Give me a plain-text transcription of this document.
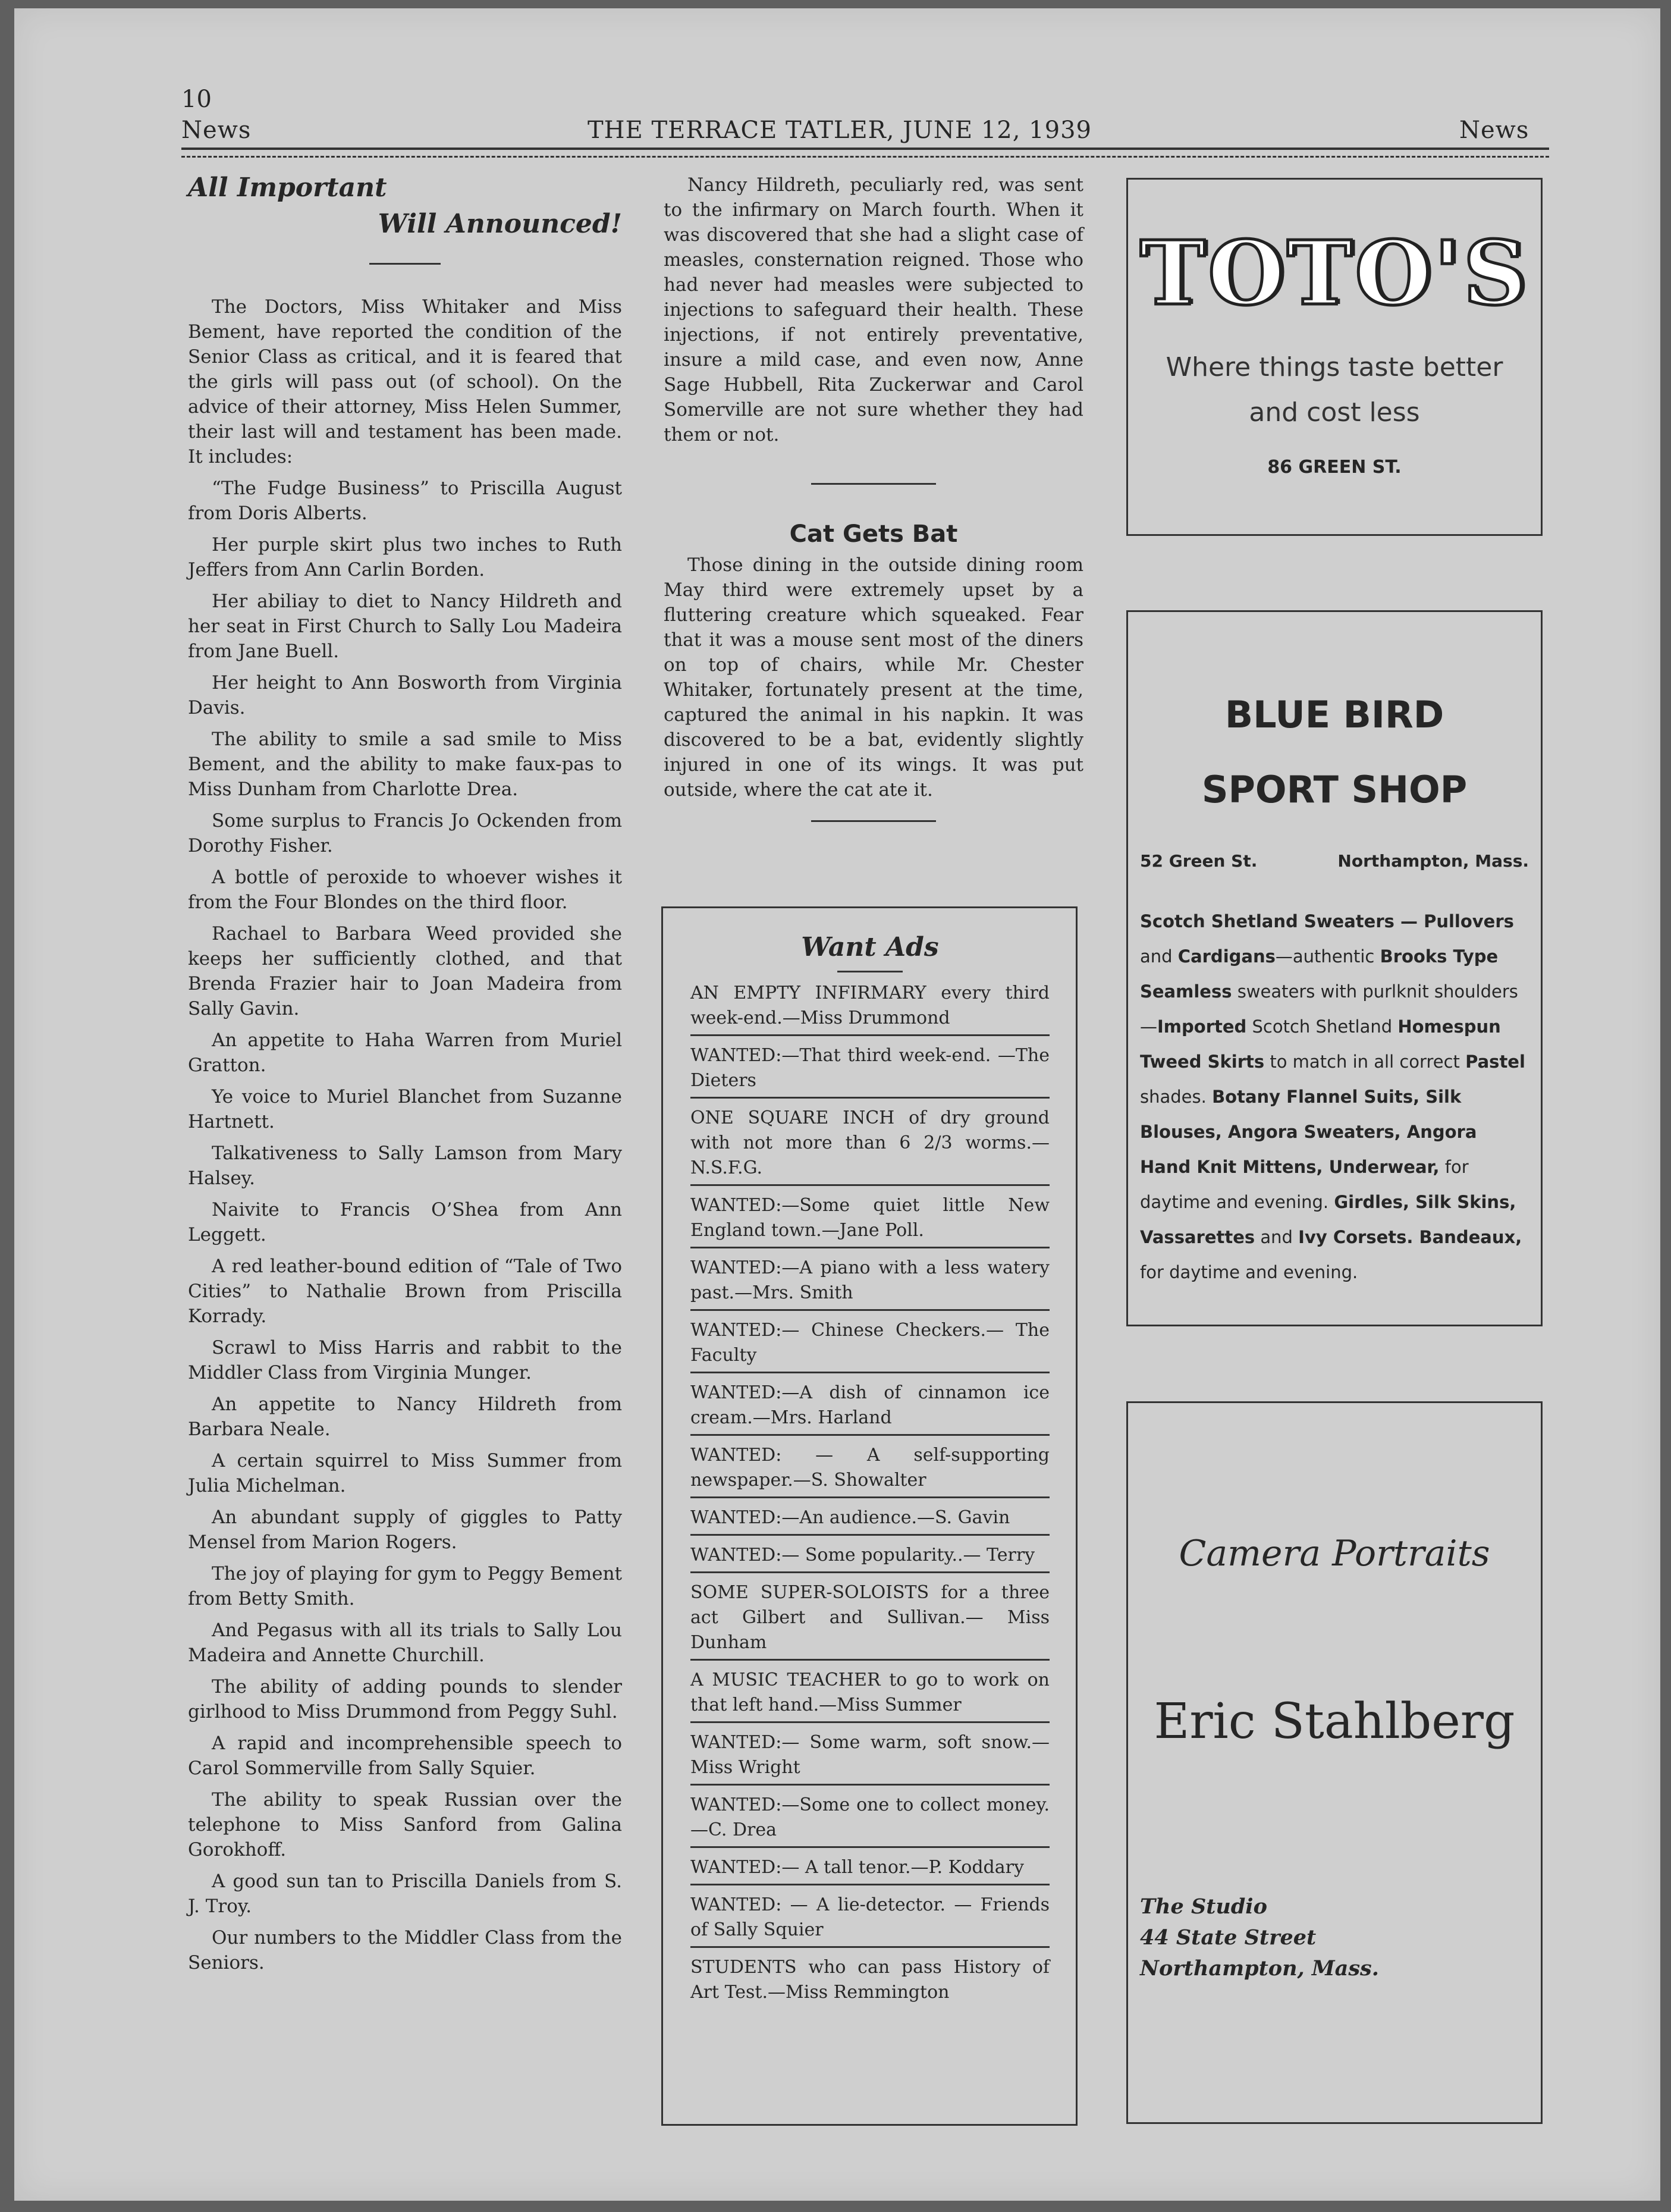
10
News	THE TERRACE TATLER, JUNE 12, 1939	News
All Important
Will Announced!

The Doctors, Miss Whitaker and Miss Bement, have reported the condition of the Senior Class as critical, and it is feared that the girls will pass out (of school). On the advice of their attorney, Miss Helen Summer, their last will and testament has been made. It includes:

“The Fudge Business” to Priscilla August from Doris Alberts.

Her purple skirt plus two inches to Ruth Jeffers from Ann Carlin Borden.

Her abiliay to diet to Nancy Hildreth and her seat in First Church to Sally Lou Madeira from Jane Buell.

Her height to Ann Bosworth from Virginia Davis.

The ability to smile a sad smile to Miss Bement, and the ability to make faux-pas to Miss Dunham from Charlotte Drea.

Some surplus to Francis Jo Ockenden from Dorothy Fisher.

A bottle of peroxide to whoever wishes it from the Four Blondes on the third floor.

Rachael to Barbara Weed provided she keeps her sufficiently clothed, and that Brenda Frazier hair to Joan Madeira from Sally Gavin.

An appetite to Haha Warren from Muriel Gratton.

Ye voice to Muriel Blanchet from Suzanne Hartnett.

Talkativeness to Sally Lamson from Mary Halsey.

Naivite to Francis O’Shea from Ann Leggett.

A red leather-bound edition of “Tale of Two Cities” to Nathalie Brown from Priscilla Korrady.

Scrawl to Miss Harris and rabbit to the Middler Class from Virginia Munger.

An appetite to Nancy Hildreth from Barbara Neale.

A certain squirrel to Miss Summer from Julia Michelman.

An abundant supply of giggles to Patty Mensel from Marion Rogers.

The joy of playing for gym to Peggy Bement from Betty Smith.

And Pegasus with all its trials to Sally Lou Madeira and Annette Churchill.

The ability of adding pounds to slender girlhood to Miss Drummond from Peggy Suhl.

A rapid and incomprehensible speech to Carol Sommerville from Sally Squier.

The ability to speak Russian over the telephone to Miss Sanford from Galina Gorokhoff.

A good sun tan to Priscilla Daniels from S. J. Troy.

Our numbers to the Middler Class from the Seniors.

Nancy Hildreth, peculiarly red, was sent to the infirmary on March fourth. When it was discovered that she had a slight case of measles, consternation reigned. Those who had never had measles were subjected to injections to safeguard their health. These injections, if not entirely preventative, insure a mild case, and even now, Anne Sage Hubbell, Rita Zuckerwar and Carol Somerville are not sure whether they had them or not.

Cat Gets Bat

Those dining in the outside dining room May third were extremely upset by a fluttering creature which squeaked. Fear that it was a mouse sent most of the diners on top of chairs, while Mr. Chester Whitaker, fortunately present at the time, captured the animal in his napkin. It was discovered to be a bat, evidently slightly injured in one of its wings. It was put outside, where the cat ate it.

Want Ads
AN EMPTY INFIRMARY every third week-end.—Miss Drummond
WANTED:—That third week-end. —The Dieters
ONE SQUARE INCH of dry ground with not more than 6 2/3 worms.—N.S.F.G.
WANTED:—Some quiet little New England town.—Jane Poll.
WANTED:—A piano with a less watery past.—Mrs. Smith
WANTED:— Chinese Checkers.— The Faculty
WANTED:—A dish of cinnamon ice cream.—Mrs. Harland
WANTED: — A self-supporting newspaper.—S. Showalter
WANTED:—An audience.—S. Gavin
WANTED:— Some popularity..— Terry
SOME SUPER-SOLOISTS for a three act Gilbert and Sullivan.— Miss Dunham
A MUSIC TEACHER to go to work on that left hand.—Miss Summer
WANTED:— Some warm, soft snow.—Miss Wright
WANTED:—Some one to collect money.—C. Drea
WANTED:— A tall tenor.—P. Koddary
WANTED: — A lie-detector. — Friends of Sally Squier
STUDENTS who can pass History of Art Test.—Miss Remmington
TOTO'S
Where things taste better
and cost less
86 GREEN ST.
BLUE BIRD
SPORT SHOP
52 Green St.	Northampton, Mass.
Scotch Shetland Sweaters — Pullovers and Cardigans—authentic Brooks Type Seamless sweaters with purlknit shoulders—Imported Scotch Shetland Homespun Tweed Skirts to match in all correct Pastel shades. Botany Flannel Suits, Silk Blouses, Angora Sweaters, Angora Hand Knit Mittens, Underwear, for daytime and evening. Girdles, Silk Skins, Vassarettes and Ivy Corsets. Bandeaux, for daytime and evening.
Camera Portraits
Eric Stahlberg
The Studio
44 State Street
Northampton, Mass.
